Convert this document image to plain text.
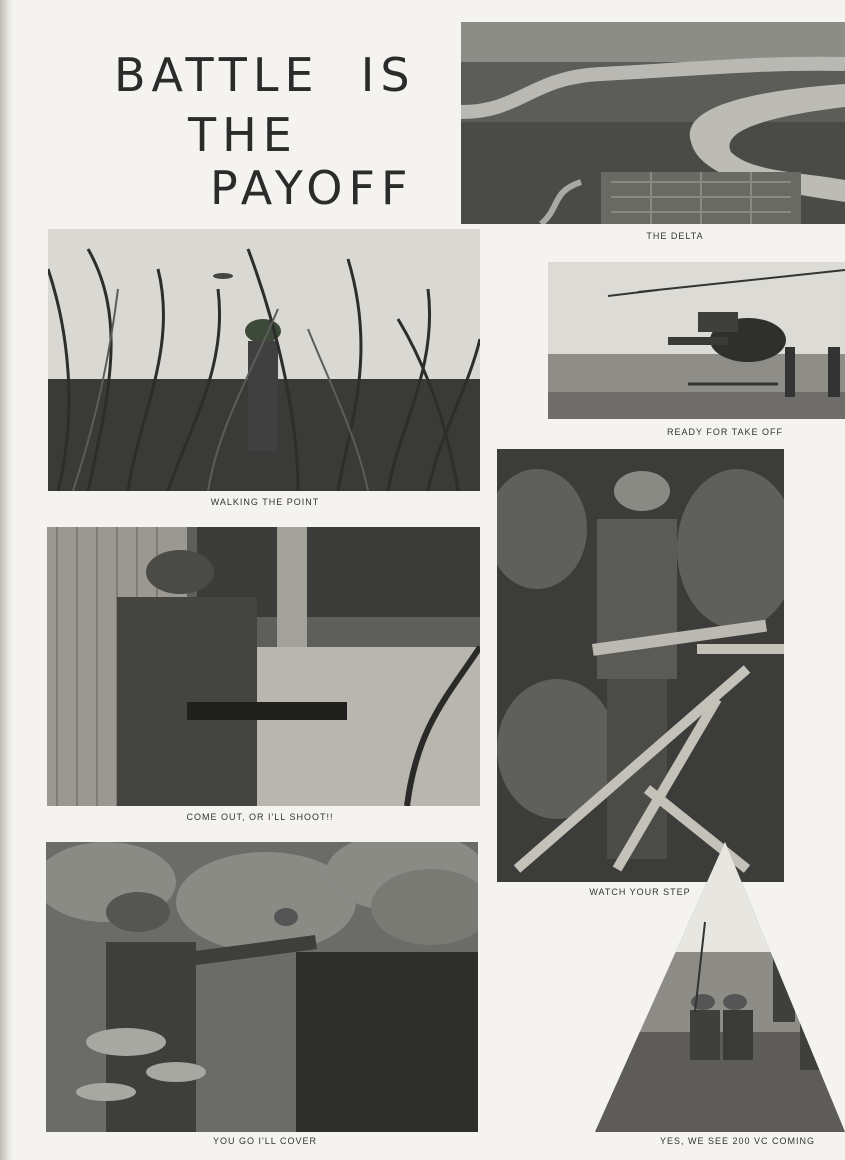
BATTLE  IS
THE
PAYOFF
THE DELTA
WALKING THE POINT
READY FOR TAKE OFF
COME OUT, OR I'LL SHOOT!!
WATCH YOUR STEP
YOU GO I'LL COVER	YES, WE SEE 200 VC COMING
